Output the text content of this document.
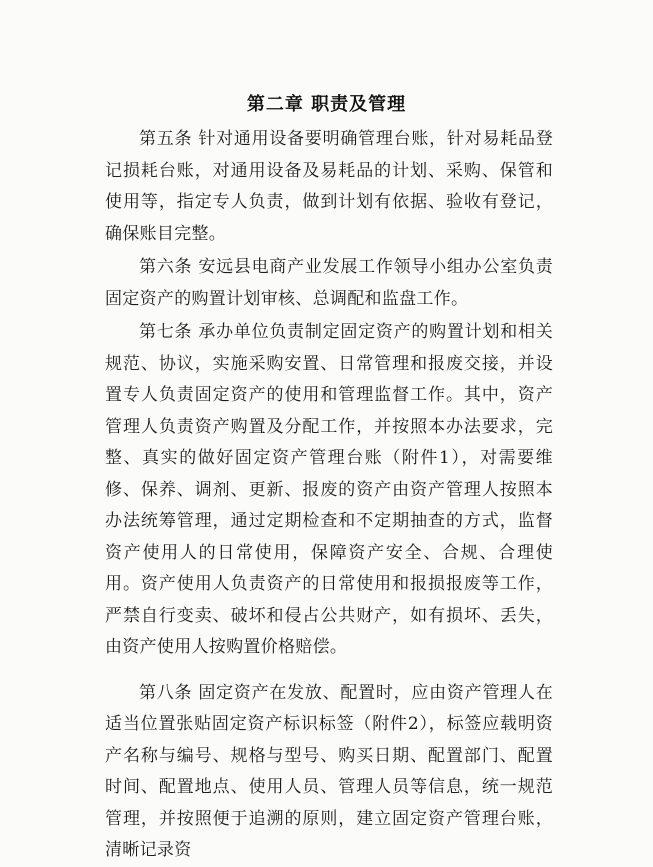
第二章 职责及管理

第五条 针对通用设备要明确管理台账，针对易耗品登记损耗台账，对通用设备及易耗品的计划、采购、保管和使用等，指定专人负责，做到计划有依据、验收有登记，确保账目完整。

第六条 安远县电商产业发展工作领导小组办公室负责固定资产的购置计划审核、总调配和监盘工作。

第七条 承办单位负责制定固定资产的购置计划和相关规范、协议，实施采购安置、日常管理和报废交接，并设置专人负责固定资产的使用和管理监督工作。其中，资产管理人负责资产购置及分配工作，并按照本办法要求，完整、真实的做好固定资产管理台账（附件1），对需要维修、保养、调剂、更新、报废的资产由资产管理人按照本办法统筹管理，通过定期检查和不定期抽查的方式，监督资产使用人的日常使用，保障资产安全、合规、合理使用。资产使用人负责资产的日常使用和报损报废等工作，严禁自行变卖、破坏和侵占公共财产，如有损坏、丢失，由资产使用人按购置价格赔偿。

第八条 固定资产在发放、配置时，应由资产管理人在适当位置张贴固定资产标识标签（附件2），标签应载明资产名称与编号、规格与型号、购买日期、配置部门、配置时间、配置地点、使用人员、管理人员等信息，统一规范管理，并按照便于追溯的原则，建立固定资产管理台账，清晰记录资
